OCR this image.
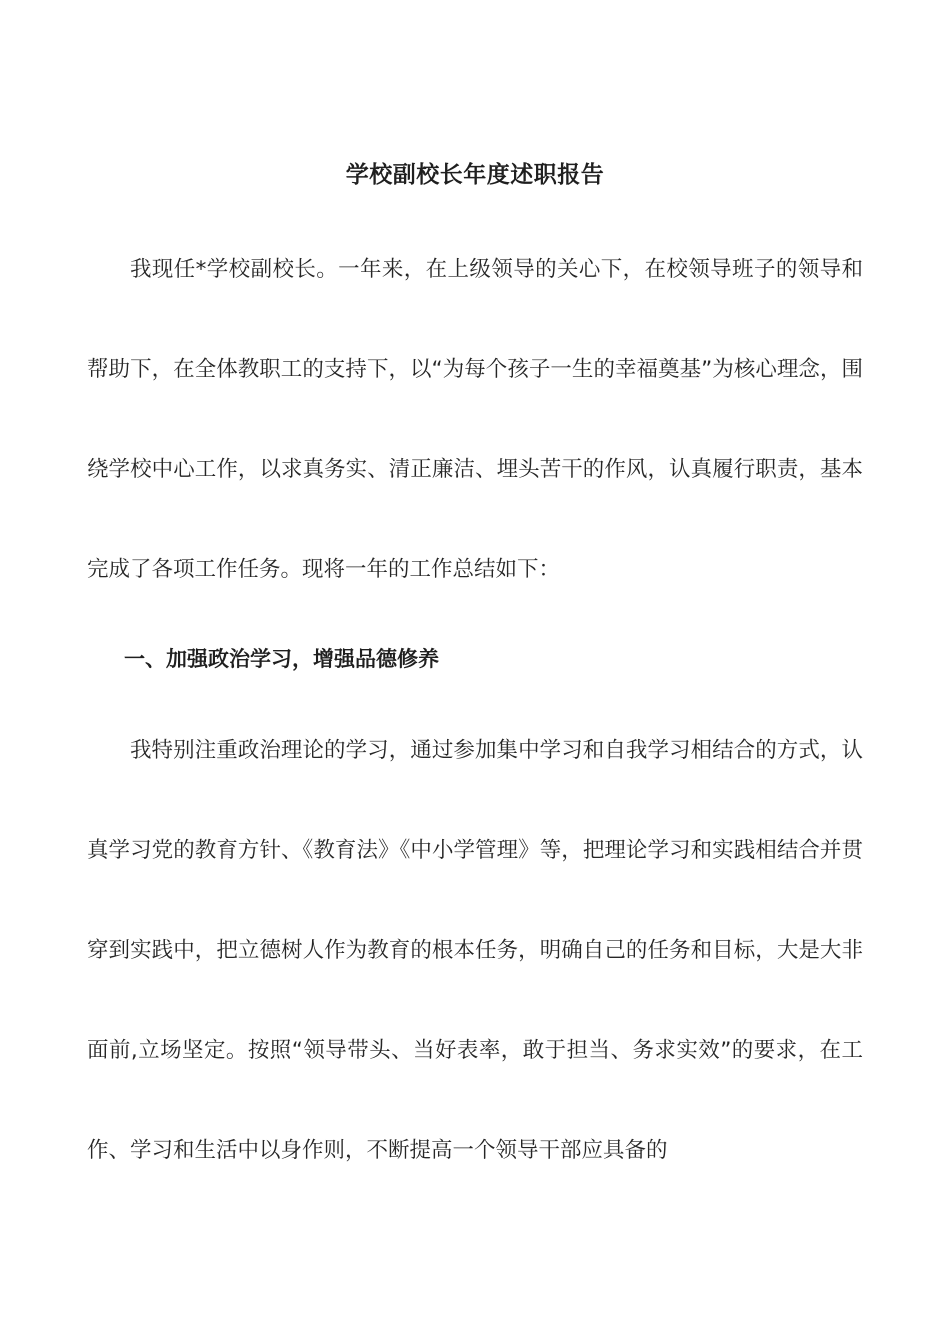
学校副校长年度述职报告
我现任*学校副校长。一年来，在上级领导的关心下，在校领导班子的领导和帮助下，在全体教职工的支持下，以“为每个孩子一生的幸福奠基”为核心理念，围绕学校中心工作，以求真务实、清正廉洁、埋头苦干的作风，认真履行职责，基本完成了各项工作任务。现将一年的工作总结如下：
一、加强政治学习，增强品德修养
我特别注重政治理论的学习，通过参加集中学习和自我学习相结合的方式，认真学习党的教育方针、《教育法》《中小学管理》等，把理论学习和实践相结合并贯穿到实践中，把立德树人作为教育的根本任务，明确自己的任务和目标，大是大非面前,立场坚定。按照“领导带头、当好表率，敢于担当、务求实效”的要求，在工作、学习和生活中以身作则，不断提高一个领导干部应具备的
